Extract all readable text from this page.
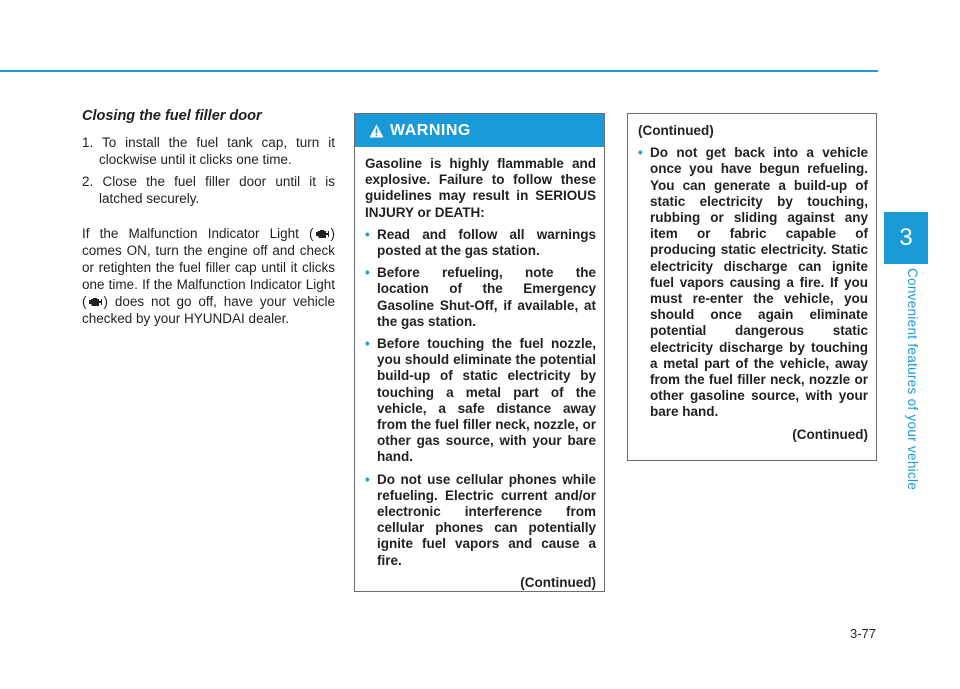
3
Convenient features of your vehicle
Closing the fuel filler door
1. To install the fuel tank cap, turn it clockwise until it clicks one time.
2. Close the fuel filler door until it is latched securely.

If the Malfunction Indicator Light ( ) comes ON, turn the engine off and check or retighten the fuel filler cap until it clicks one time. If the Malfunction Indicator Light ( ) does not go off, have your vehicle checked by your HYUNDAI dealer.

WARNING

Gasoline is highly flammable and explosive. Failure to follow these guidelines may result in SERIOUS INJURY or DEATH:

• Read and follow all warnings posted at the gas station.
• Before refueling, note the location of the Emergency Gasoline Shut-Off, if available, at the gas station.
• Before touching the fuel nozzle, you should eliminate the potential build-up of static electricity by touching a metal part of the vehicle, a safe distance away from the fuel filler neck, nozzle, or other gas source, with your bare hand.
• Do not use cellular phones while refueling. Electric current and/or electronic interference from cellular phones can potentially ignite fuel vapors and cause a fire.

(Continued)

(Continued)

• Do not get back into a vehicle once you have begun refueling. You can generate a build-up of static electricity by touching, rubbing or sliding against any item or fabric capable of producing static electricity. Static electricity discharge can ignite fuel vapors causing a fire. If you must re-enter the vehicle, you should once again eliminate potential dangerous static electricity discharge by touching a metal part of the vehicle, away from the fuel filler neck, nozzle or other gasoline source, with your bare hand.

(Continued)

3-77
